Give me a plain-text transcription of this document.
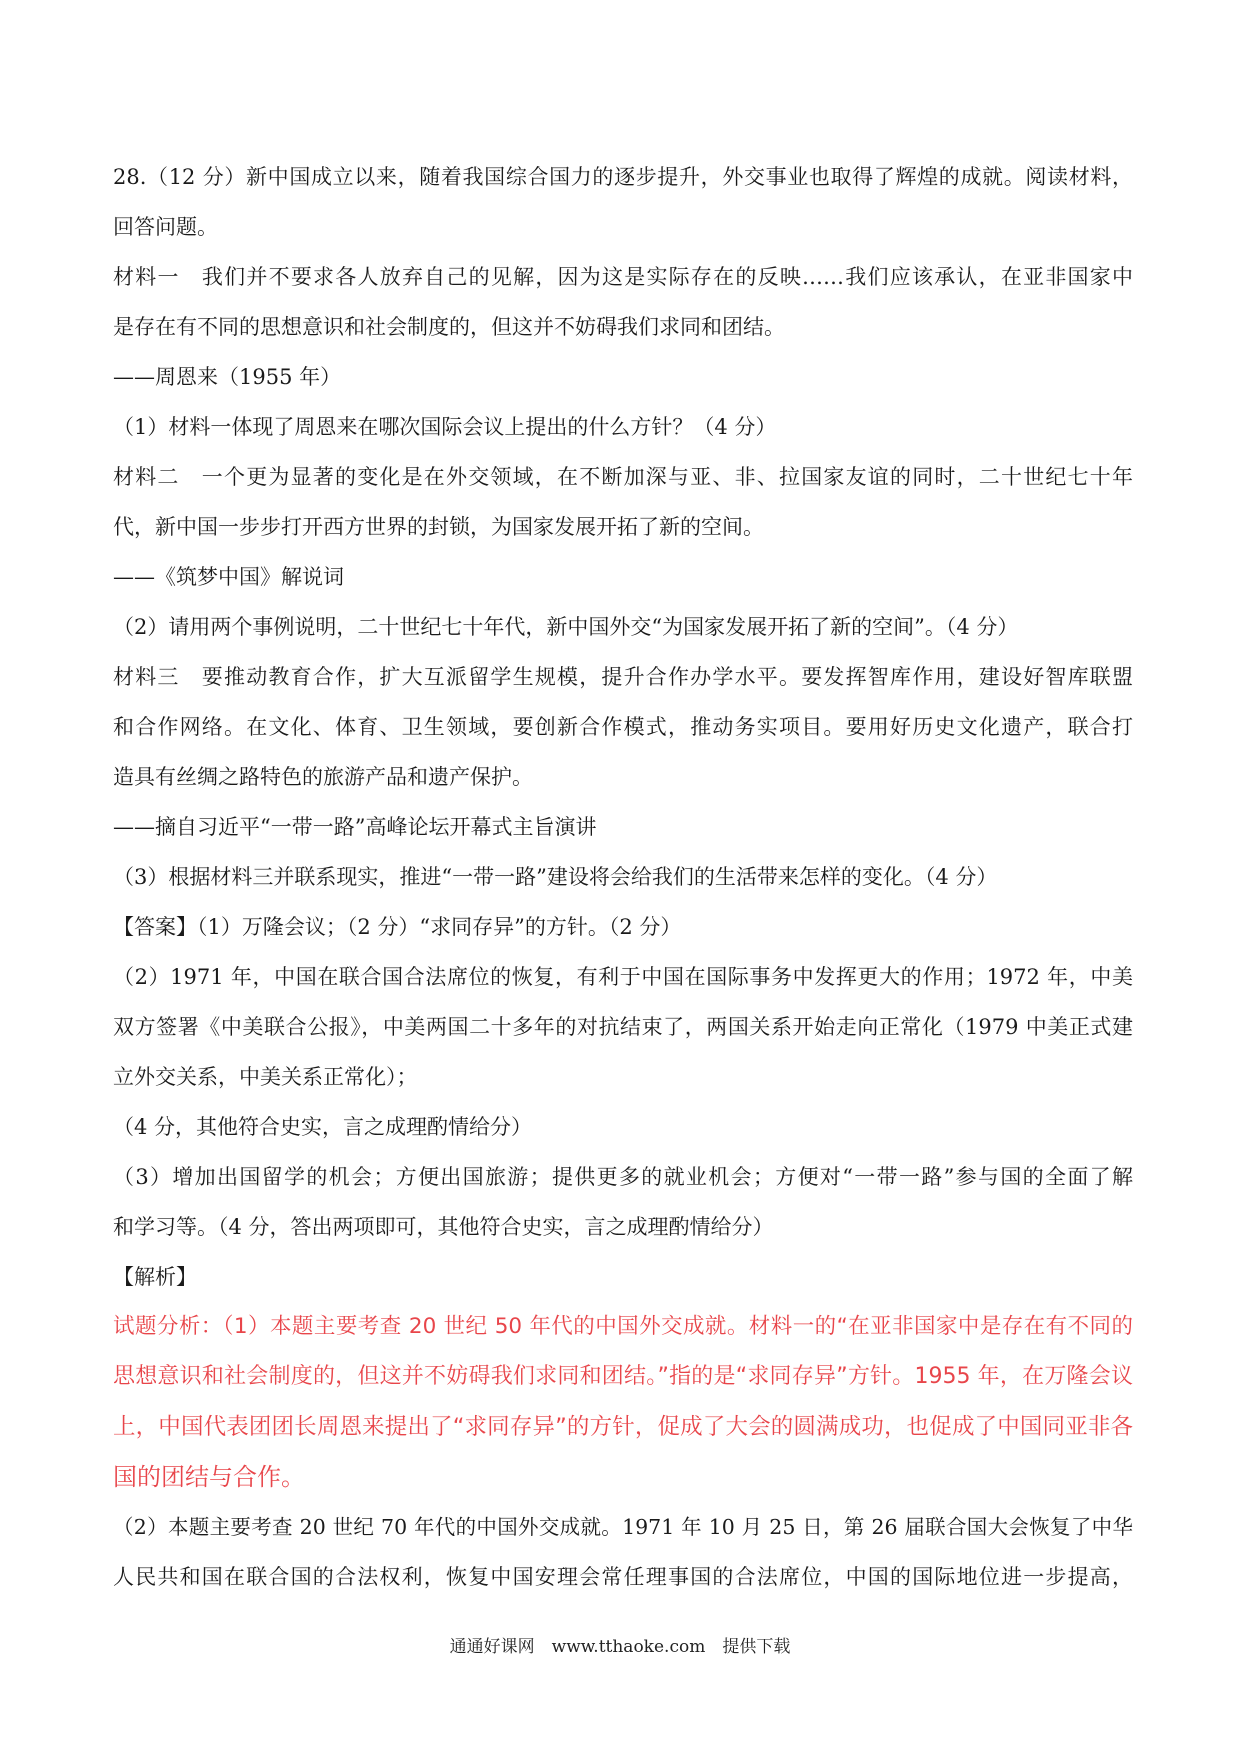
28.（12 分）新中国成立以来，随着我国综合国力的逐步提升，外交事业也取得了辉煌的成就。阅读材料，

回答问题。

材料一　我们并不要求各人放弃自己的见解，因为这是实际存在的反映……我们应该承认，在亚非国家中

是存在有不同的思想意识和社会制度的，但这并不妨碍我们求同和团结。

——周恩来（1955 年）

（1）材料一体现了周恩来在哪次国际会议上提出的什么方针？（4 分）

材料二　一个更为显著的变化是在外交领域，在不断加深与亚、非、拉国家友谊的同时，二十世纪七十年

代，新中国一步步打开西方世界的封锁，为国家发展开拓了新的空间。

——《筑梦中国》解说词

（2）请用两个事例说明，二十世纪七十年代，新中国外交“为国家发展开拓了新的空间”。（4 分）

材料三　要推动教育合作，扩大互派留学生规模，提升合作办学水平。要发挥智库作用，建设好智库联盟

和合作网络。在文化、体育、卫生领域，要创新合作模式，推动务实项目。要用好历史文化遗产，联合打

造具有丝绸之路特色的旅游产品和遗产保护。

——摘自习近平“一带一路”高峰论坛开幕式主旨演讲

（3）根据材料三并联系现实，推进“一带一路”建设将会给我们的生活带来怎样的变化。（4 分）

【答案】（1）万隆会议；（2 分）“求同存异”的方针。（2 分）

（2）1971 年，中国在联合国合法席位的恢复，有利于中国在国际事务中发挥更大的作用；1972 年，中美

双方签署《中美联合公报》，中美两国二十多年的对抗结束了，两国关系开始走向正常化（1979 中美正式建

立外交关系，中美关系正常化）；

（4 分，其他符合史实，言之成理酌情给分）

（3）增加出国留学的机会；方便出国旅游；提供更多的就业机会；方便对“一带一路”参与国的全面了解

和学习等。（4 分，答出两项即可，其他符合史实，言之成理酌情给分）

【解析】

试题分析：（1）本题主要考查 20 世纪 50 年代的中国外交成就。材料一的“在亚非国家中是存在有不同的

思想意识和社会制度的，但这并不妨碍我们求同和团结。”指的是“求同存异”方针。1955 年，在万隆会议

上，中国代表团团长周恩来提出了“求同存异”的方针，促成了大会的圆满成功，也促成了中国同亚非各

国的团结与合作。

（2）本题主要考查 20 世纪 70 年代的中国外交成就。1971 年 10 月 25 日，第 26 届联合国大会恢复了中华

人民共和国在联合国的合法权利，恢复中国安理会常任理事国的合法席位，中国的国际地位进一步提高，

通通好课网　www.tthaoke.com　提供下载
